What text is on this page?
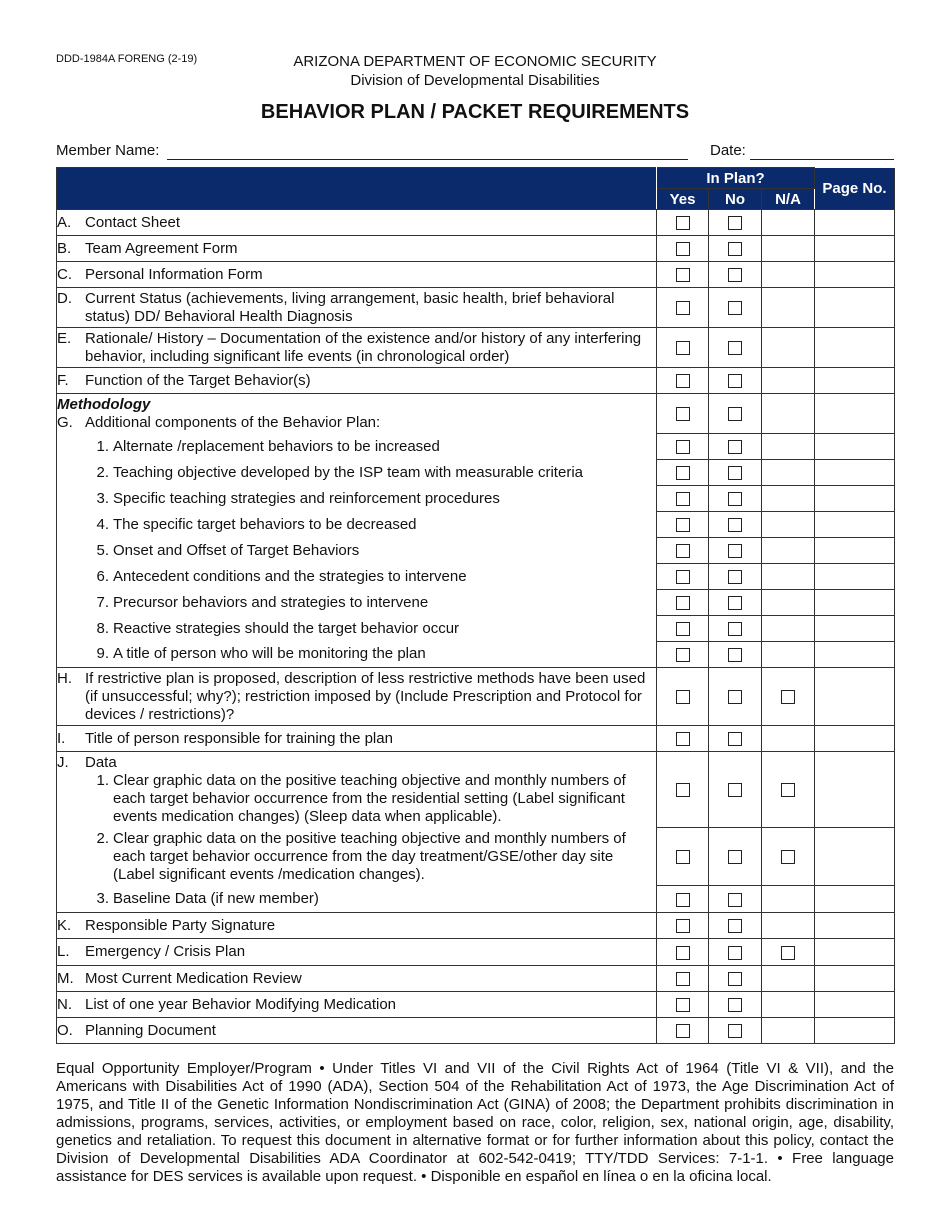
DDD-1984A FORENG (2-19)	ARIZONA DEPARTMENT OF ECONOMIC SECURITY
Division of Developmental Disabilities
BEHAVIOR PLAN / PACKET REQUIREMENTS
Member Name:	Date:
	In Plan?			Page No.
	Yes	No	N/A	

A. Contact Sheet				

B. Team Agreement Form				

C. Personal Information Form				

D. Current Status (achievements, living arrangement, basic health, brief behavioral status) DD/ Behavioral Health Diagnosis				

E. Rationale/ History – Documentation of the existence and/or history of any interfering behavior, including significant life events (in chronological order)				

F. Function of the Target Behavior(s)				

Methodology
G. Additional components of the Behavior Plan:				

1. Alternate /replacement behaviors to be increased				

2. Teaching objective developed by the ISP team with measurable criteria				

3. Specific teaching strategies and reinforcement procedures				

4. The specific target behaviors to be decreased				

5. Onset and Offset of Target Behaviors				

6. Antecedent conditions and the strategies to intervene				

7. Precursor behaviors and strategies to intervene				

8. Reactive strategies should the target behavior occur				

9. A title of person who will be monitoring the plan				

H. If restrictive plan is proposed, description of less restrictive methods have been used (if unsuccessful; why?); restriction imposed by (Include Prescription and Protocol for devices / restrictions)?				

I. Title of person responsible for training the plan				

J. Data
1. Clear graphic data on the positive teaching objective and monthly numbers of each target behavior occurrence from the residential setting (Label significant events medication changes) (Sleep data when applicable).				

2. Clear graphic data on the positive teaching objective and monthly numbers of each target behavior occurrence from the day treatment/GSE/other day site (Label significant events /medication changes).				

3. Baseline Data (if new member)				

K. Responsible Party Signature				

L. Emergency / Crisis Plan				

M. Most Current Medication Review				

N. List of one year Behavior Modifying Medication				

O. Planning Document				

Equal Opportunity Employer/Program • Under Titles VI and VII of the Civil Rights Act of 1964 (Title VI & VII), and the Americans with Disabilities Act of 1990 (ADA), Section 504 of the Rehabilitation Act of 1973, the Age Discrimination Act of 1975, and Title II of the Genetic Information Nondiscrimination Act (GINA) of 2008; the Department prohibits discrimination in admissions, programs, services, activities, or employment based on race, color, religion, sex, national origin, age, disability, genetics and retaliation. To request this document in alternative format or for further information about this policy, contact the Division of Developmental Disabilities ADA Coordinator at 602-542-0419; TTY/TDD Services: 7-1-1. • Free language assistance for DES services is available upon request. • Disponible en español en línea o en la oficina local.
